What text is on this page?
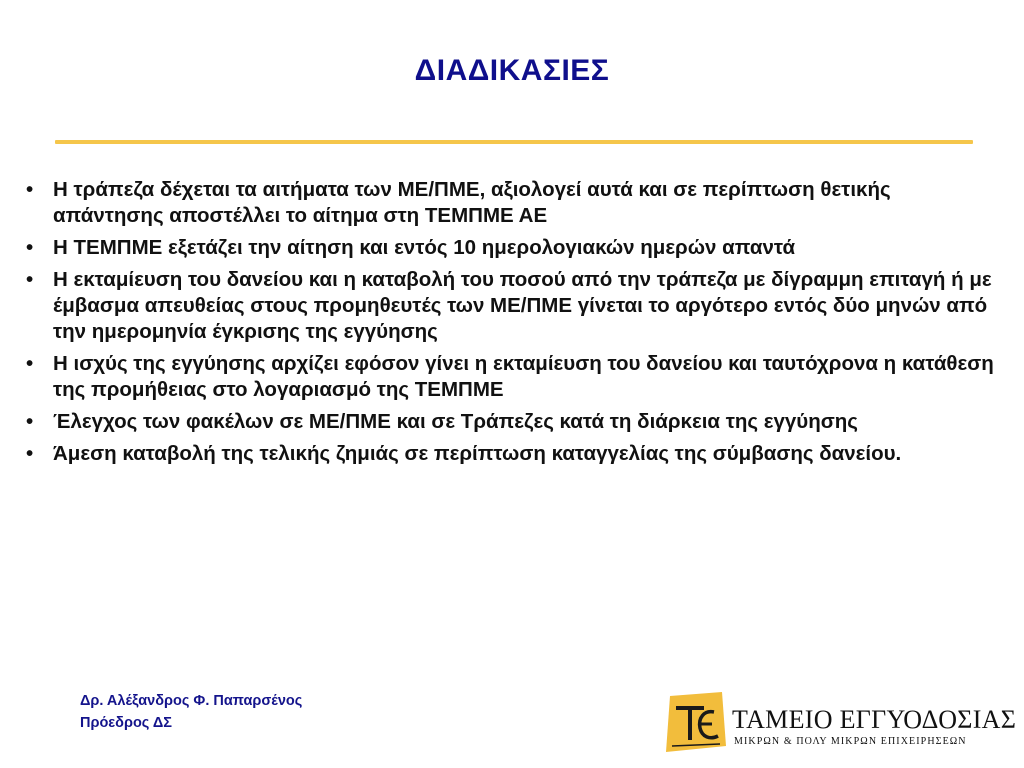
ΔΙΑΔΙΚΑΣΙΕΣ
• Η τράπεζα δέχεται τα αιτήματα των ΜΕ/ΠΜΕ, αξιολογεί αυτά και σε περίπτωση θετικής απάντησης αποστέλλει το αίτημα στη ΤΕΜΠΜΕ ΑΕ
• Η ΤΕΜΠΜΕ εξετάζει την αίτηση και εντός 10 ημερολογιακών ημερών απαντά
• Η εκταμίευση του δανείου και η καταβολή του ποσού από την τράπεζα με δίγραμμη επιταγή ή με έμβασμα απευθείας στους προμηθευτές των ΜΕ/ΠΜΕ γίνεται το αργότερο εντός δύο μηνών από την ημερομηνία έγκρισης της εγγύησης
• Η ισχύς της εγγύησης αρχίζει εφόσον γίνει η εκταμίευση του δανείου και ταυτόχρονα η κατάθεση της προμήθειας στο λογαριασμό της ΤΕΜΠΜΕ
• Έλεγχος των φακέλων σε ΜΕ/ΠΜΕ και σε Τράπεζες κατά τη διάρκεια της εγγύησης
• Άμεση καταβολή της τελικής ζημιάς σε περίπτωση καταγγελίας της σύμβασης δανείου.
Δρ. Αλέξανδρος Φ. Παπαρσένος
Πρόεδρος ΔΣ	ΤΑΜΕΙΟ ΕΓΓΥΟΔΟΣΙΑΣ
ΜΙΚΡΩΝ & ΠΟΛΥ ΜΙΚΡΩΝ ΕΠΙΧΕΙΡΗΣΕΩΝ
